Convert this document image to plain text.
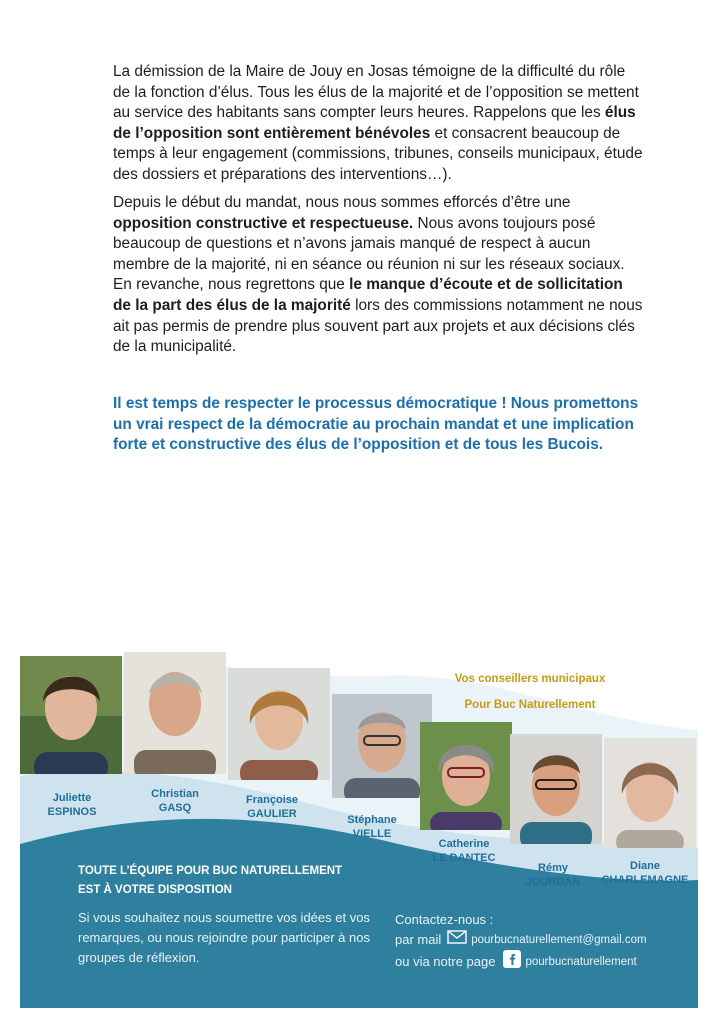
La démission de la Maire de Jouy en Josas témoigne de la difficulté du rôle de la fonction d’élus. Tous les élus de la majorité et de l’opposition se mettent au service des habitants sans compter leurs heures. Rappelons que les élus de l’opposition sont entièrement bénévoles et consacrent beaucoup de temps à leur engagement (commissions, tribunes, conseils municipaux, étude des dossiers et préparations des interventions…).

Depuis le début du mandat, nous nous sommes efforcés d’être une opposition constructive et respectueuse. Nous avons toujours posé beaucoup de questions et n’avons jamais manqué de respect à aucun membre de la majorité, ni en séance ou réunion ni sur les réseaux sociaux. En revanche, nous regrettons que le manque d’écoute et de sollicitation de la part des élus de la majorité lors des commissions notamment ne nous ait pas permis de prendre plus souvent part aux projets et aux décisions clés de la municipalité.

Il est temps de respecter le processus démocratique ! Nous promettons un vrai respect de la démocratie au prochain mandat et une implication forte et constructive des élus de l’opposition et de tous les Bucois.

Vos conseillers municipaux
Pour Buc Naturellement
Juliette
ESPINOS
Christian
GASQ
Françoise
GAULIER	Stéphane
VIELLE
Catherine
LE DANTEC
Rémy
JOURDAN
Diane
CHARLEMAGNE
TOUTE L’ÉQUIPE POUR BUC NATURELLEMENT
EST À VOTRE DISPOSITION
Si vous souhaitez nous soumettre vos idées et vos remarques, ou nous rejoindre pour participer à nos groupes de réflexion.
Contactez-nous :
par mail	pourbucnaturellement@gmail.com
ou via notre page	pourbucnaturellement
